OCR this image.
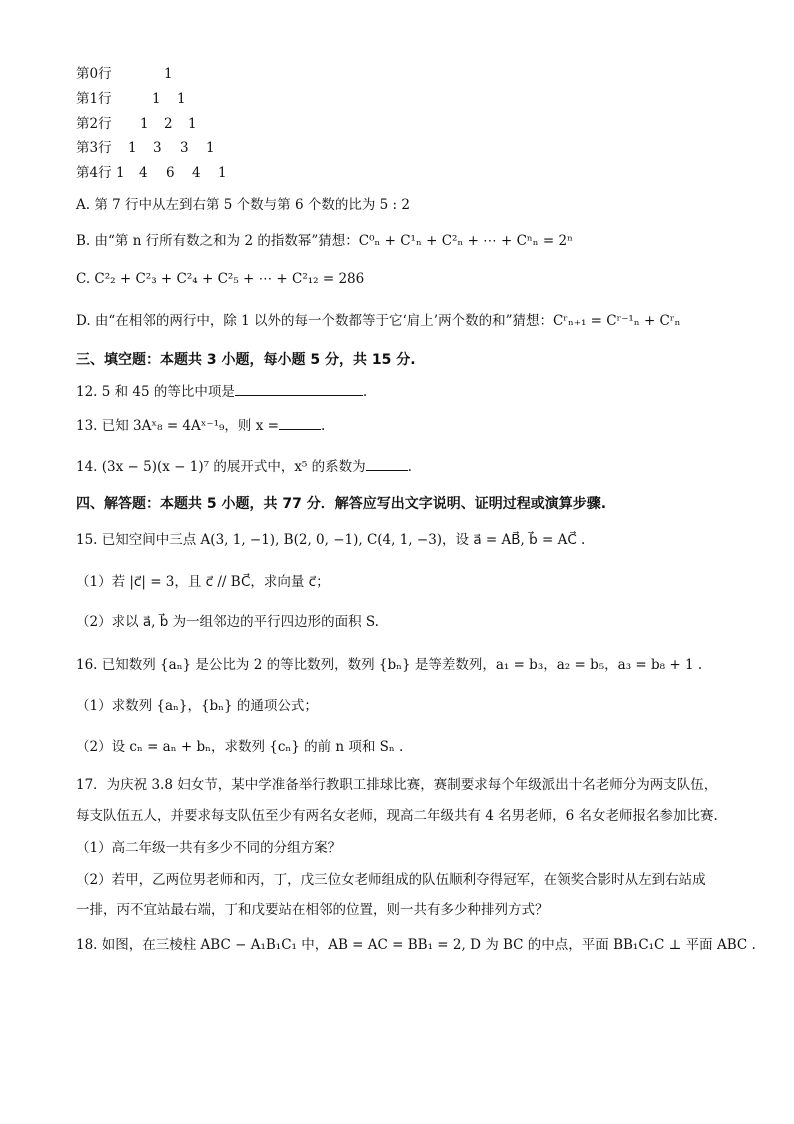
第0行	1
第1行	1 1
第2行 1 2 1
第3行 1 3 3 1
第4行 1 4 6 4 1
A. 第 7 行中从左到右第 5 个数与第 6 个数的比为 5 : 2
B. 由“第 n 行所有数之和为 2 的指数幂”猜想：C⁰ₙ + C¹ₙ + C²ₙ + ⋯ + Cⁿₙ = 2ⁿ
C. C²₂ + C²₃ + C²₄ + C²₅ + ⋯ + C²₁₂ = 286
D. 由“在相邻的两行中，除 1 以外的每一个数都等于它‘肩上’两个数的和”猜想：Cʳₙ₊₁ = Cʳ⁻¹ₙ + Cʳₙ
三、填空题：本题共 3 小题，每小题 5 分，共 15 分.
12. 5 和 45 的等比中项是	.
13. 已知 3Aˣ₈ = 4Aˣ⁻¹₉，则 x =	.
14. (3x − 5)(x − 1)⁷ 的展开式中，x⁵ 的系数为	.
四、解答题：本题共 5 小题，共 77 分．解答应写出文字说明、证明过程或演算步骤.
15. 已知空间中三点 A(3, 1, −1), B(2, 0, −1), C(4, 1, −3)，设 a⃗ = AB⃗, b⃗ = AC⃗ .
（1）若 |c⃗| = 3，且 c⃗ // BC⃗，求向量 c⃗；
（2）求以 a⃗, b⃗ 为一组邻边的平行四边形的面积 S.
16. 已知数列 {aₙ} 是公比为 2 的等比数列，数列 {bₙ} 是等差数列，a₁ = b₃，a₂ = b₅，a₃ = b₈ + 1 .
（1）求数列 {aₙ}，{bₙ} 的通项公式；
（2）设 cₙ = aₙ + bₙ，求数列 {cₙ} 的前 n 项和 Sₙ .
17．为庆祝 3.8 妇女节，某中学准备举行教职工排球比赛，赛制要求每个年级派出十名老师分为两支队伍，
每支队伍五人，并要求每支队伍至少有两名女老师，现高二年级共有 4 名男老师，6 名女老师报名参加比赛.
（1）高二年级一共有多少不同的分组方案？
（2）若甲，乙两位男老师和丙，丁，戊三位女老师组成的队伍顺利夺得冠军，在领奖合影时从左到右站成
一排，丙不宜站最右端，丁和戊要站在相邻的位置，则一共有多少种排列方式？
18. 如图，在三棱柱 ABC − A₁B₁C₁ 中，AB = AC = BB₁ = 2, D 为 BC 的中点，平面 BB₁C₁C ⊥ 平面 ABC .
